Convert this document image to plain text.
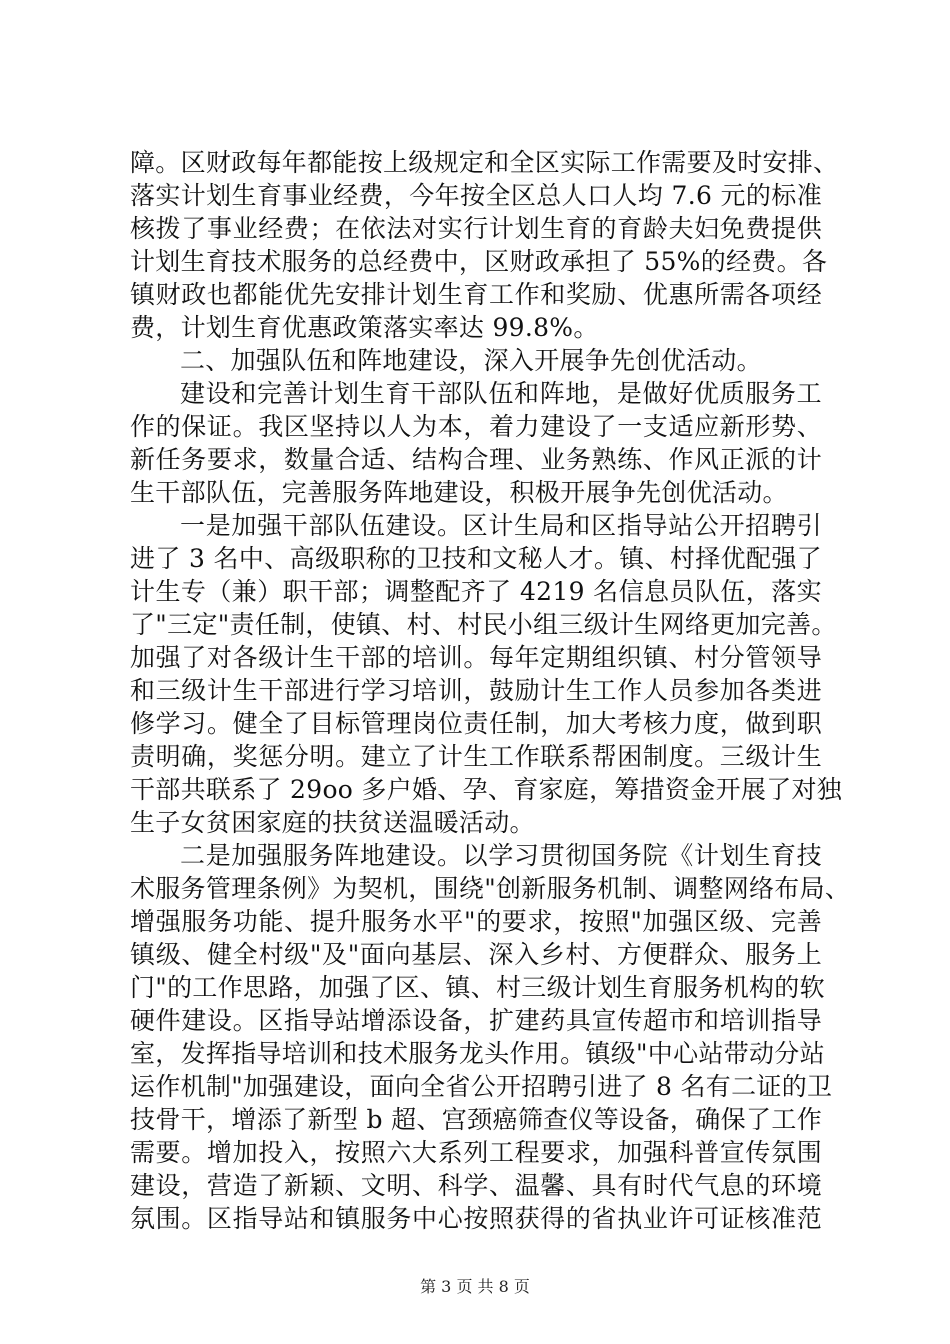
障。区财政每年都能按上级规定和全区实际工作需要及时安排、
落实计划生育事业经费，今年按全区总人口人均 7.6 元的标准
核拨了事业经费；在依法对实行计划生育的育龄夫妇免费提供
计划生育技术服务的总经费中，区财政承担了 55%的经费。各
镇财政也都能优先安排计划生育工作和奖励、优惠所需各项经
费，计划生育优惠政策落实率达 99.8%。
二、加强队伍和阵地建设，深入开展争先创优活动。
建设和完善计划生育干部队伍和阵地，是做好优质服务工
作的保证。我区坚持以人为本，着力建设了一支适应新形势、
新任务要求，数量合适、结构合理、业务熟练、作风正派的计
生干部队伍，完善服务阵地建设，积极开展争先创优活动。
一是加强干部队伍建设。区计生局和区指导站公开招聘引
进了 3 名中、高级职称的卫技和文秘人才。镇、村择优配强了
计生专（兼）职干部；调整配齐了 4219 名信息员队伍，落实
了"三定"责任制，使镇、村、村民小组三级计生网络更加完善。
加强了对各级计生干部的培训。每年定期组织镇、村分管领导
和三级计生干部进行学习培训，鼓励计生工作人员参加各类进
修学习。健全了目标管理岗位责任制，加大考核力度，做到职
责明确，奖惩分明。建立了计生工作联系帮困制度。三级计生
干部共联系了 29oo 多户婚、孕、育家庭，筹措资金开展了对独
生子女贫困家庭的扶贫送温暖活动。
二是加强服务阵地建设。以学习贯彻国务院《计划生育技
术服务管理条例》为契机，围绕"创新服务机制、调整网络布局、
增强服务功能、提升服务水平"的要求，按照"加强区级、完善
镇级、健全村级"及"面向基层、深入乡村、方便群众、服务上
门"的工作思路，加强了区、镇、村三级计划生育服务机构的软
硬件建设。区指导站增添设备，扩建药具宣传超市和培训指导
室，发挥指导培训和技术服务龙头作用。镇级"中心站带动分站
运作机制"加强建设，面向全省公开招聘引进了 8 名有二证的卫
技骨干，增添了新型 b 超、宫颈癌筛查仪等设备，确保了工作
需要。增加投入，按照六大系列工程要求，加强科普宣传氛围
建设，营造了新颖、文明、科学、温馨、具有时代气息的环境
氛围。区指导站和镇服务中心按照获得的省执业许可证核准范
第 3 页 共 8 页
